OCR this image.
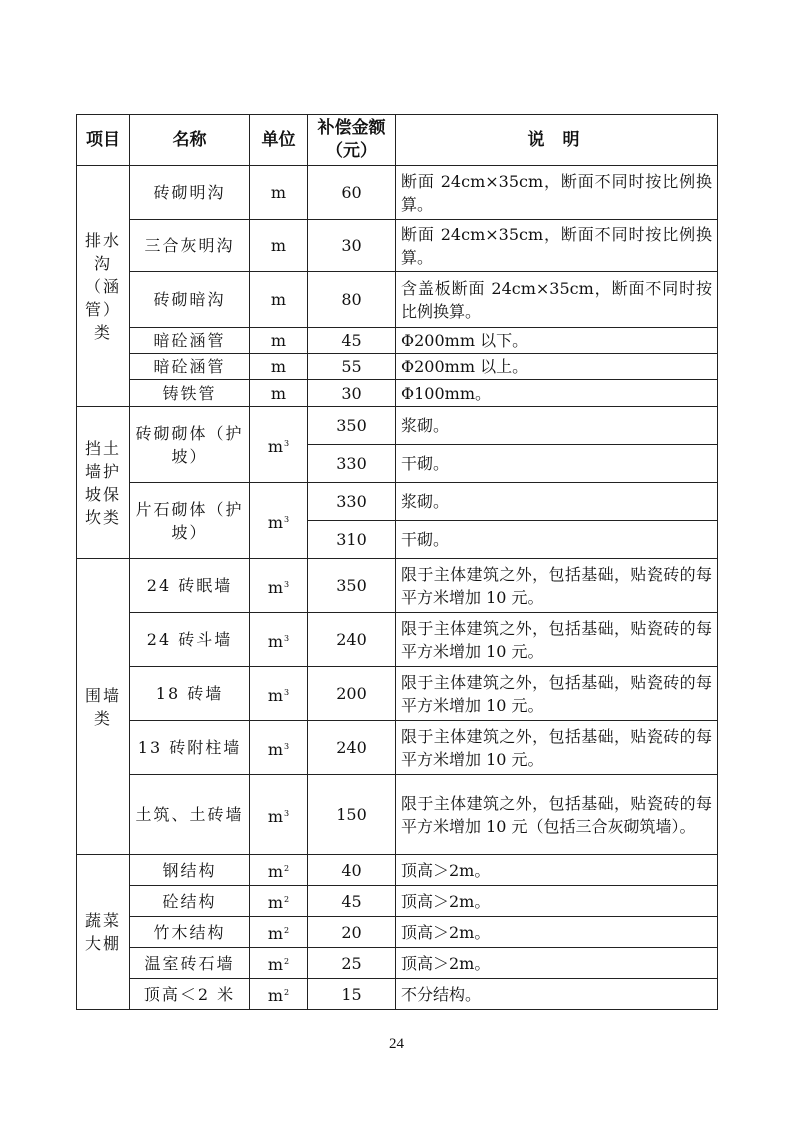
项目	名称	单位	补偿金额（元）	说 明
排水沟（涵管）类	砖砌明沟	m	60	断面 24cm×35cm，断面不同时按比例换算。
	三合灰明沟	m	30	断面 24cm×35cm，断面不同时按比例换算。
	砖砌暗沟	m	80	含盖板断面 24cm×35cm，断面不同时按比例换算。
	暗砼涵管	m	45	Φ200mm 以下。
	暗砼涵管	m	55	Φ200mm 以上。
	铸铁管	m	30	Φ100mm。
挡土墙护坡保坎类	砖砌砌体（护坡）	$m^3$	350	浆砌。
			330	干砌。
	片石砌体（护坡）	$m^3$	330	浆砌。
			310	干砌。
围墙类	24 砖眠墙	$m^3$	350	限于主体建筑之外，包括基础，贴瓷砖的每平方米增加 10 元。
	24 砖斗墙	$m^3$	240	限于主体建筑之外，包括基础，贴瓷砖的每平方米增加 10 元。
	18 砖墙	$m^3$	200	限于主体建筑之外，包括基础，贴瓷砖的每平方米增加 10 元。
	13 砖附柱墙	$m^3$	240	限于主体建筑之外，包括基础，贴瓷砖的每平方米增加 10 元。
	土筑、土砖墙	$m^3$	150	限于主体建筑之外，包括基础，贴瓷砖的每平方米增加 10 元（包括三合灰砌筑墙）。
蔬菜大棚	钢结构	$m^2$	40	顶高＞2m。
	砼结构	$m^2$	45	顶高＞2m。
	竹木结构	$m^2$	20	顶高＞2m。
	温室砖石墙	$m^2$	25	顶高＞2m。
	顶高＜2 米	$m^2$	15	不分结构。
24
